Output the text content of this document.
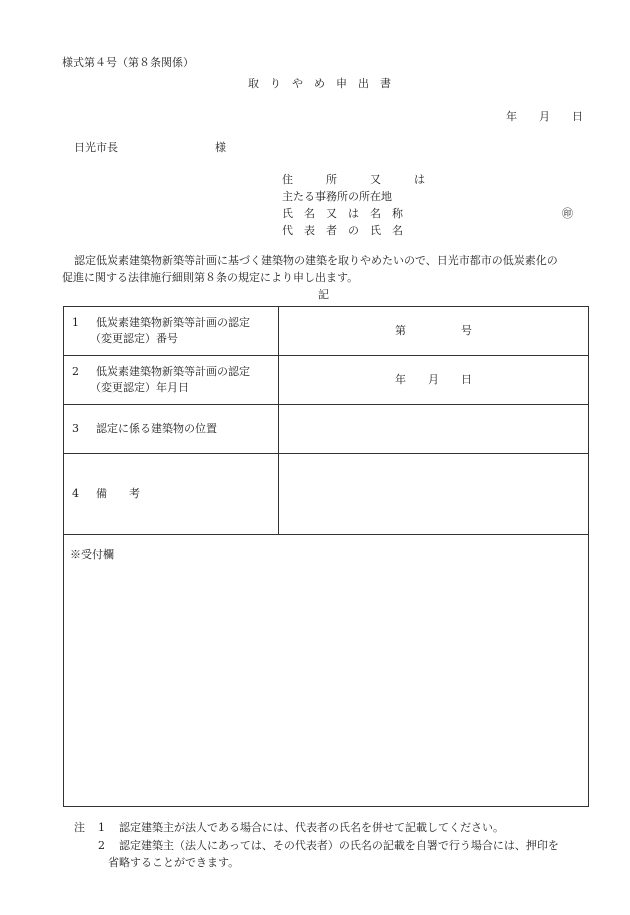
様式第４号（第８条関係）
取　り　や　め　申　出　書
年　　月　　日
日光市長	様
住　　　所　　　又　　　は
主たる事務所の所在地
氏　名　又　は　名　称
代　表　者　の　氏　名
㊞
認定低炭素建築物新築等計画に基づく建築物の建築を取りやめたいので、日光市都市の低炭素化の
促進に関する法律施行細則第８条の規定により申し出ます。
記
1 低炭素建築物新築等計画の認定
（変更認定）番号	第　　　　　号

2 低炭素建築物新築等計画の認定
（変更認定）年月日	年　　月　　日
3 認定に係る建築物の位置	
4 備　　考	
※受付欄	
注 1 認定建築主が法人である場合には、代表者の氏名を併せて記載してください。
2 認定建築主（法人にあっては、その代表者）の氏名の記載を自署で行う場合には、押印を
省略することができます。
